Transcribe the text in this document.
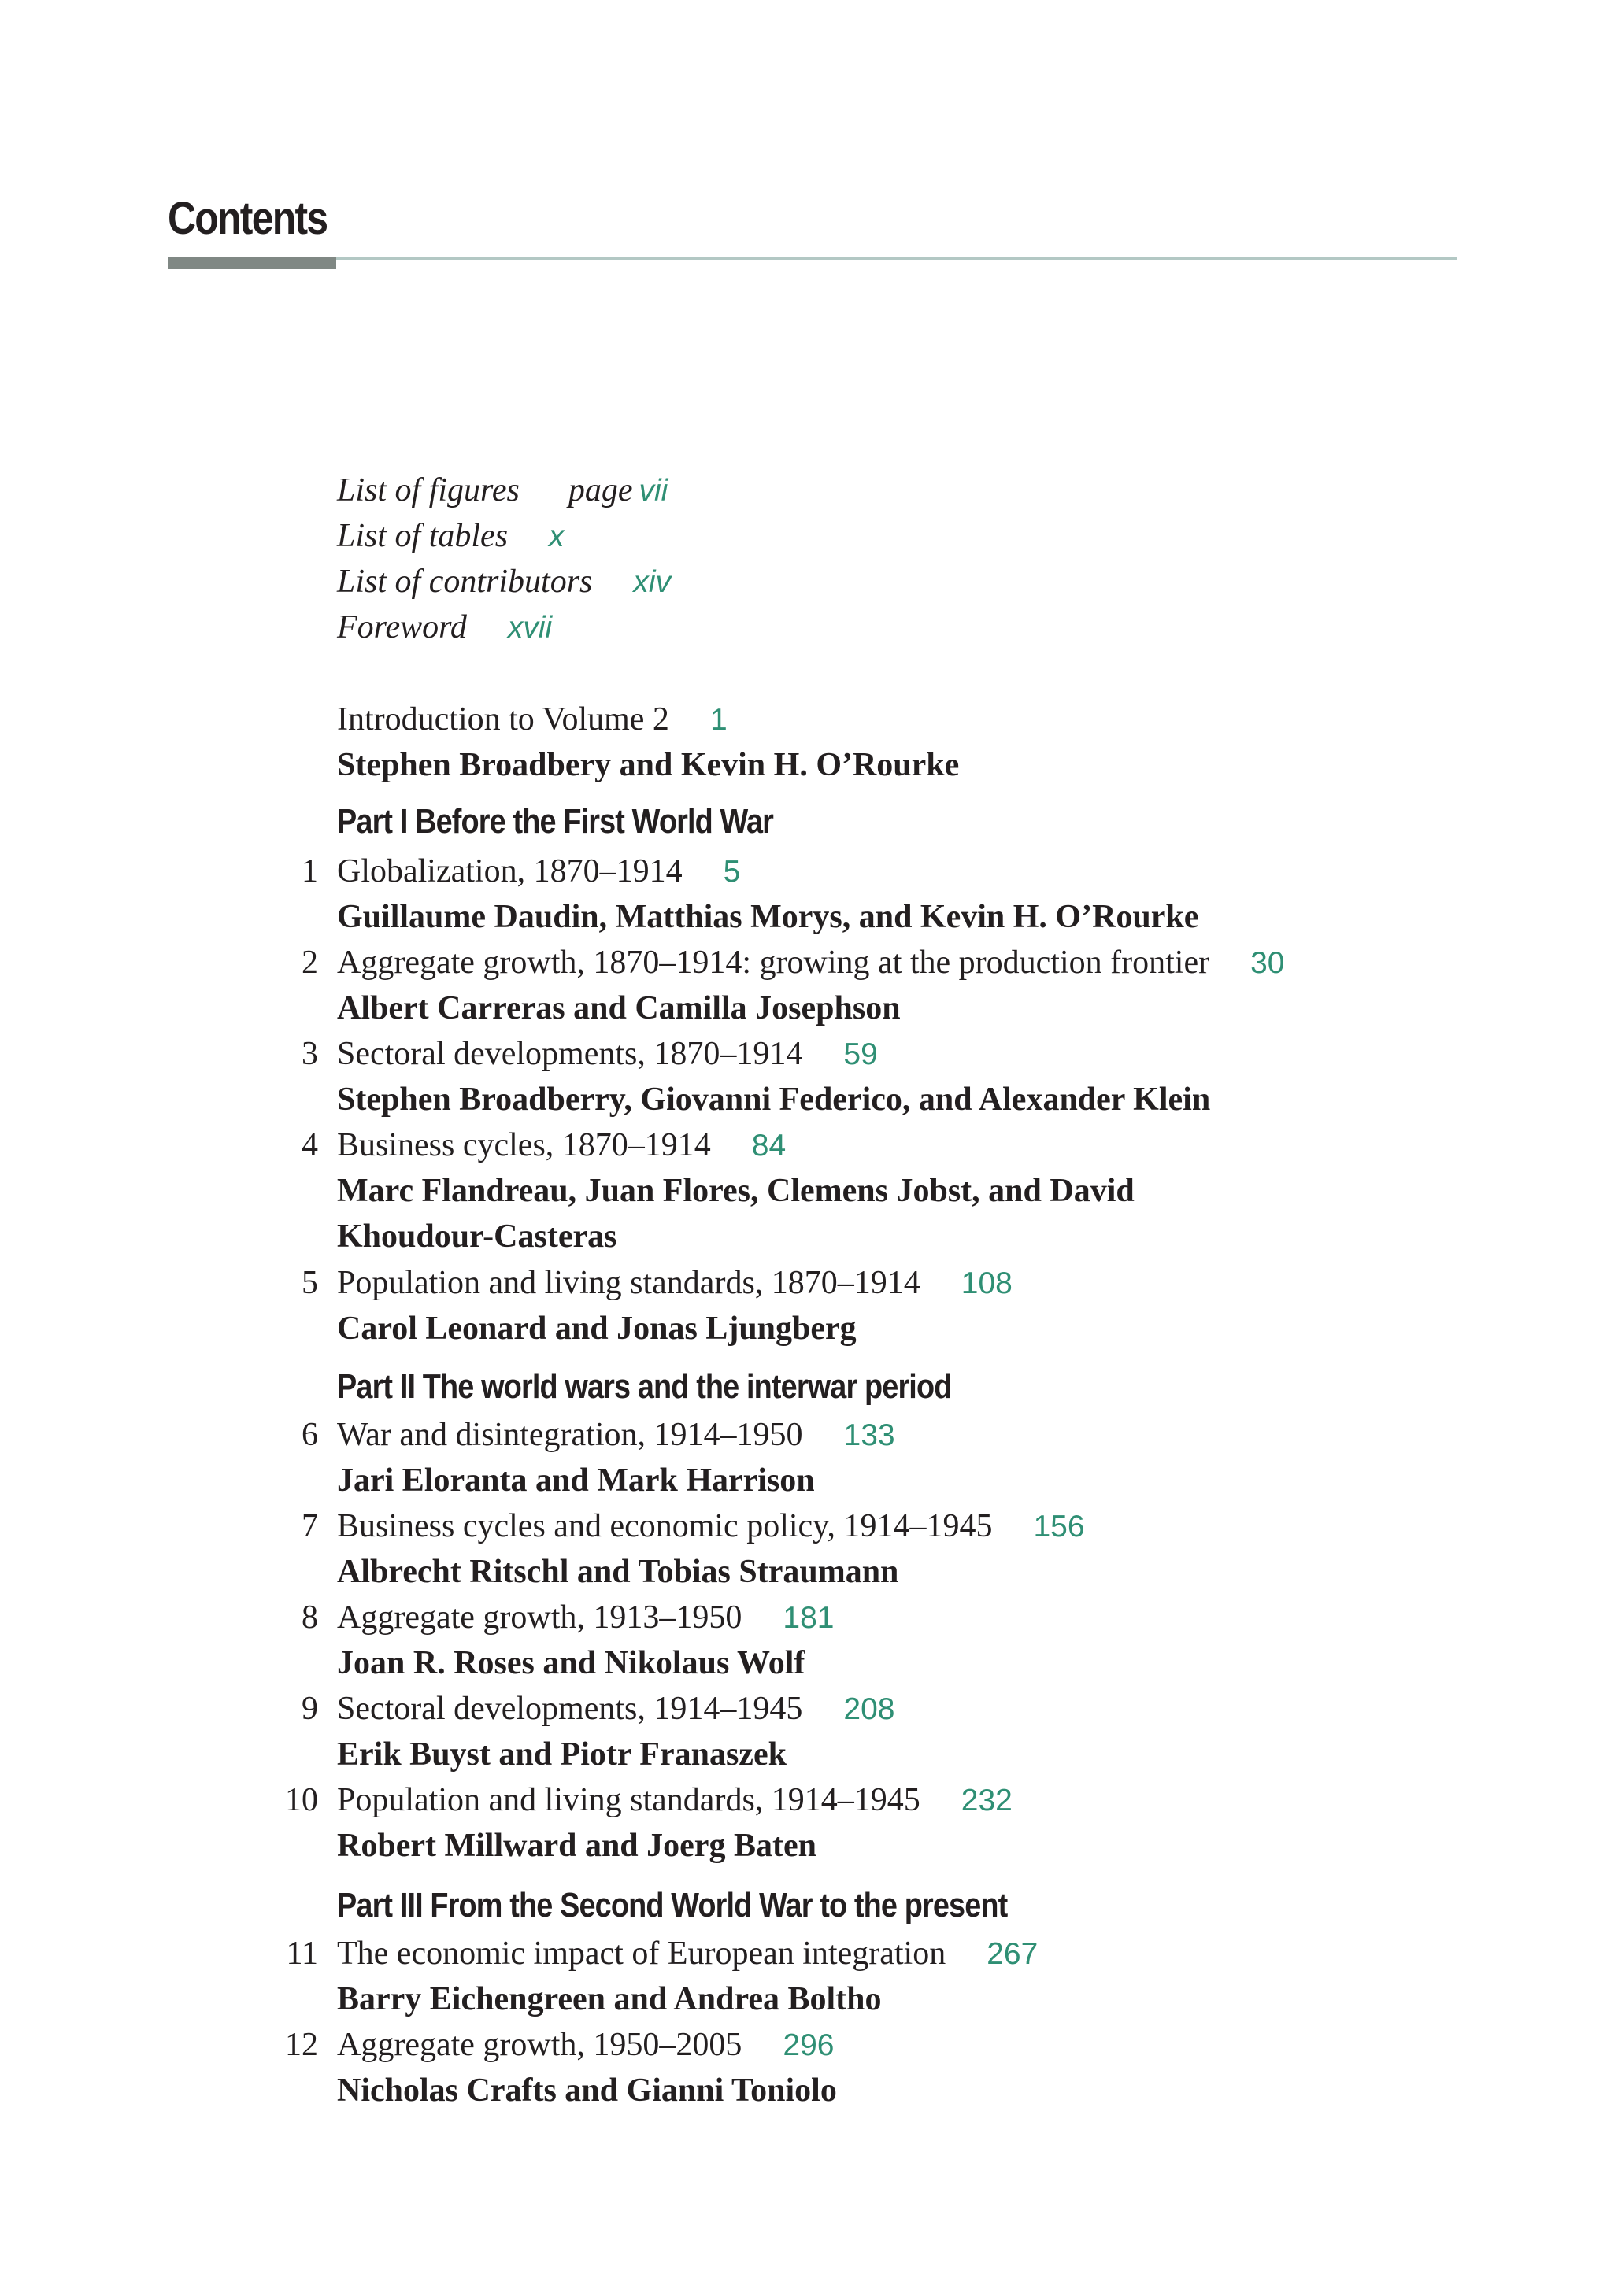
Contents
List of figures page vii
List of tables x
List of contributors xiv
Foreword xvii
Introduction to Volume 2 1
Stephen Broadbery and Kevin H. O’Rourke
Part I Before the First World War
1 Globalization, 1870–1914 5
Guillaume Daudin, Matthias Morys, and Kevin H. O’Rourke
2 Aggregate growth, 1870–1914: growing at the production frontier 30
Albert Carreras and Camilla Josephson
3 Sectoral developments, 1870–1914 59
Stephen Broadberry, Giovanni Federico, and Alexander Klein
4 Business cycles, 1870–1914 84
Marc Flandreau, Juan Flores, Clemens Jobst, and David
Khoudour-Casteras
5 Population and living standards, 1870–1914 108
Carol Leonard and Jonas Ljungberg
Part II The world wars and the interwar period
6 War and disintegration, 1914–1950 133
Jari Eloranta and Mark Harrison
7 Business cycles and economic policy, 1914–1945 156
Albrecht Ritschl and Tobias Straumann
8 Aggregate growth, 1913–1950 181
Joan R. Roses and Nikolaus Wolf
9 Sectoral developments, 1914–1945 208
Erik Buyst and Piotr Franaszek
10 Population and living standards, 1914–1945 232
Robert Millward and Joerg Baten
Part III From the Second World War to the present
11 The economic impact of European integration 267
Barry Eichengreen and Andrea Boltho
12 Aggregate growth, 1950–2005 296
Nicholas Crafts and Gianni Toniolo
